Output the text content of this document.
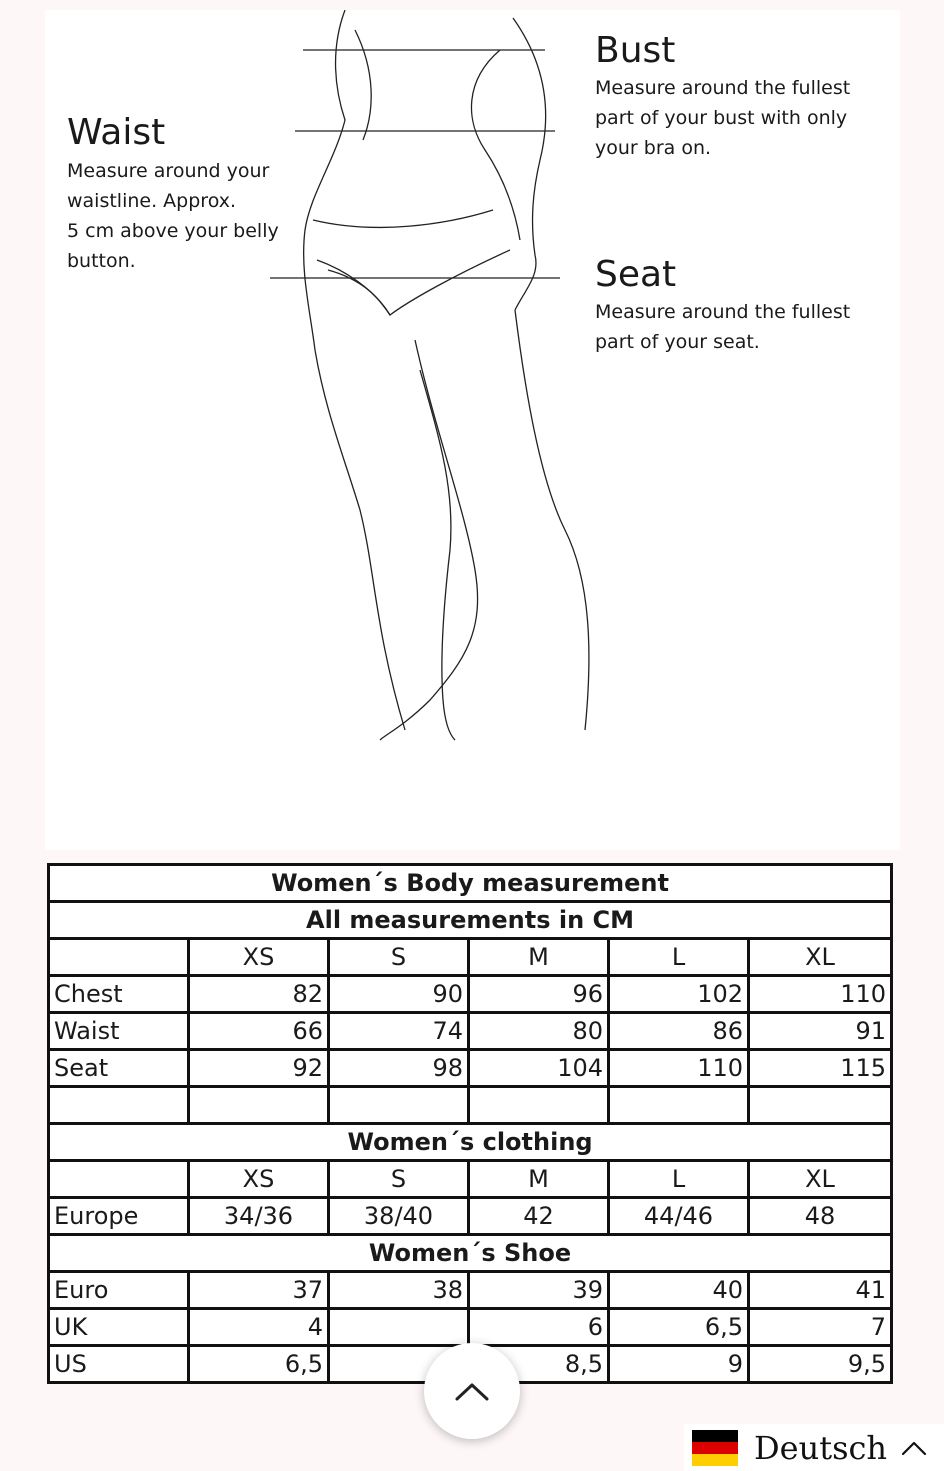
Waist
Measure around your
waistline. Approx.
5 cm above your belly
button.
Bust
Measure around the fullest
part of your bust with only
your bra on.
Seat
Measure around the fullest
part of your seat.
Women´s Body measurement					
All measurements in CM					
	XS	S	M	L	XL
Chest	82	90	96	102	110
Waist	66	74	80	86	91
Seat	92	98	104	110	115

Women´s clothing					
	XS	S	M	L	XL
Europe	34/36	38/40	42	44/46	48
Women´s Shoe					
Euro	37	38	39	40	41
UK	4		6	6,5	7
US	6,5		8,5	9	9,5
Deutsch
